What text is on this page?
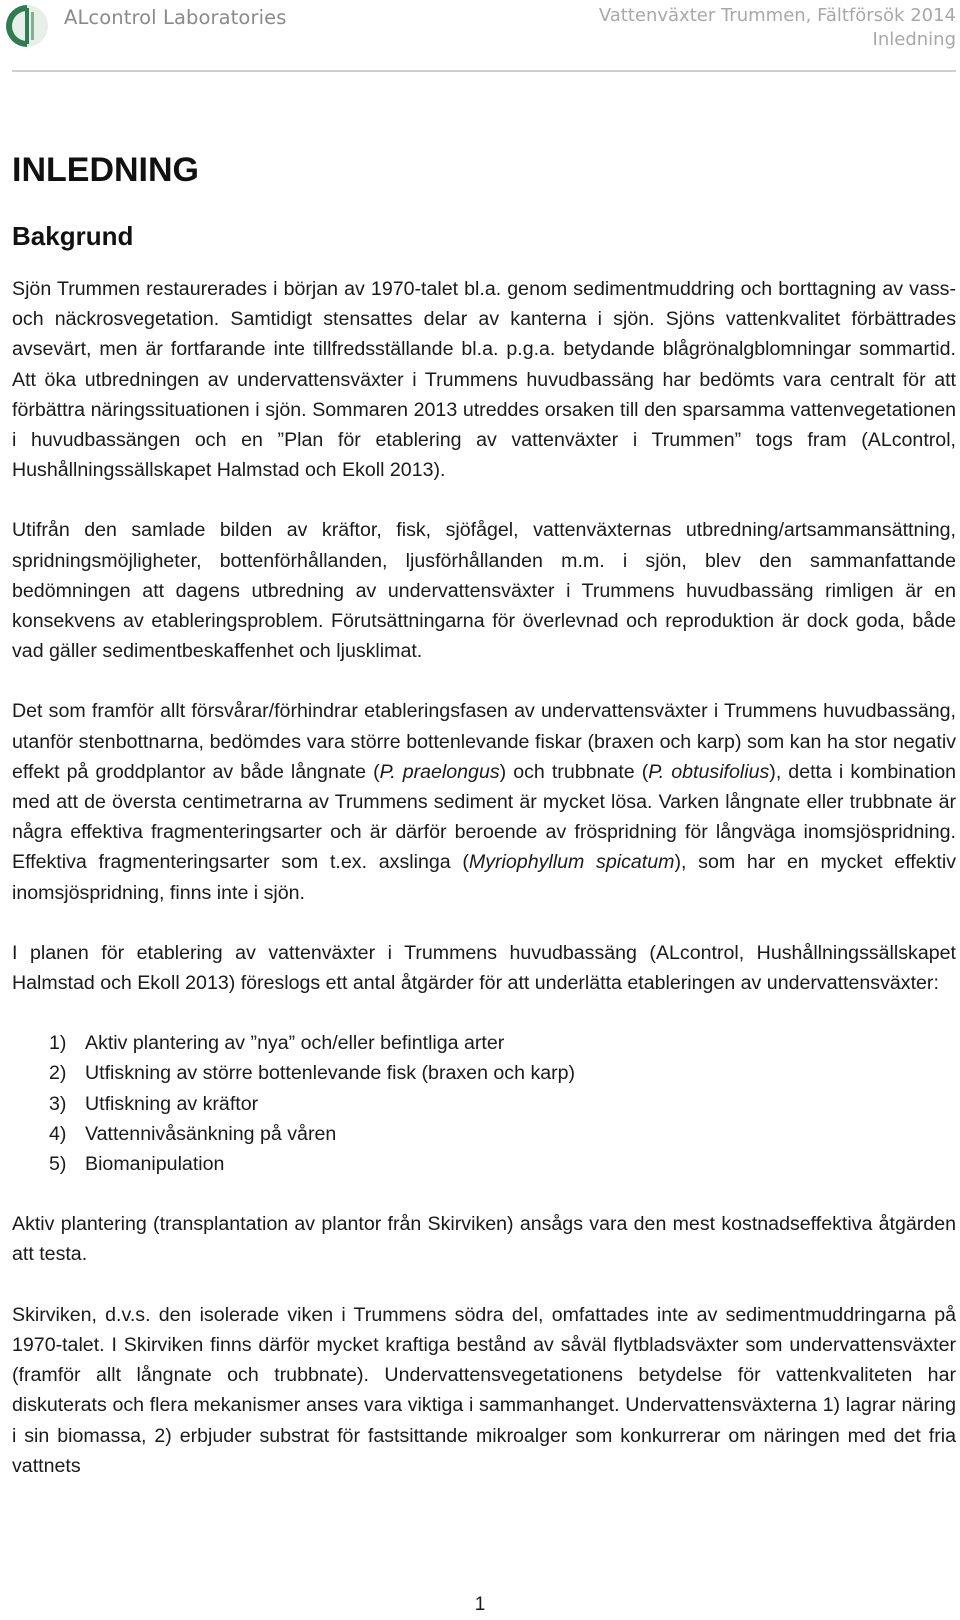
ALcontrol Laboratories	Vattenväxter Trummen, Fältförsök 2014
Inledning
INLEDNING
Bakgrund

Sjön Trummen restaurerades i början av 1970-talet bl.a. genom sedimentmuddring och borttagning av vass- och näckrosvegetation. Samtidigt stensattes delar av kanterna i sjön. Sjöns vattenkvalitet förbättrades avsevärt, men är fortfarande inte tillfredsställande bl.a. p.g.a. betydande blågrönalgblomningar sommartid. Att öka utbredningen av undervattensväxter i Trummens huvudbassäng har bedömts vara centralt för att förbättra näringssituationen i sjön. Sommaren 2013 utreddes orsaken till den sparsamma vattenvegetationen i huvudbassängen och en ”Plan för etablering av vattenväxter i Trummen” togs fram (ALcontrol, Hushållningssällskapet Halmstad och Ekoll 2013).

Utifrån den samlade bilden av kräftor, fisk, sjöfågel, vattenväxternas utbredning/artsammansättning, spridningsmöjligheter, bottenförhållanden, ljusförhållanden m.m. i sjön, blev den sammanfattande bedömningen att dagens utbredning av undervattensväxter i Trummens huvudbassäng rimligen är en konsekvens av etableringsproblem. Förutsättningarna för överlevnad och reproduktion är dock goda, både vad gäller sedimentbeskaffenhet och ljusklimat.

Det som framför allt försvårar/förhindrar etableringsfasen av undervattensväxter i Trummens huvudbassäng, utanför stenbottnarna, bedömdes vara större bottenlevande fiskar (braxen och karp) som kan ha stor negativ effekt på groddplantor av både långnate (P. praelongus) och trubbnate (P. obtusifolius), detta i kombination med att de översta centimetrarna av Trummens sediment är mycket lösa. Varken långnate eller trubbnate är några effektiva fragmenteringsarter och är därför beroende av fröspridning för långväga inomsjöspridning. Effektiva fragmenteringsarter som t.ex. axslinga (Myriophyllum spicatum), som har en mycket effektiv inomsjöspridning, finns inte i sjön.

I planen för etablering av vattenväxter i Trummens huvudbassäng (ALcontrol, Hushållningssällskapet Halmstad och Ekoll 2013) föreslogs ett antal åtgärder för att underlätta etableringen av undervattensväxter:

1) Aktiv plantering av ”nya” och/eller befintliga arter
2) Utfiskning av större bottenlevande fisk (braxen och karp)
3) Utfiskning av kräftor
4) Vattennivåsänkning på våren
5) Biomanipulation

Aktiv plantering (transplantation av plantor från Skirviken) ansågs vara den mest kostnadseffektiva åtgärden att testa.

Skirviken, d.v.s. den isolerade viken i Trummens södra del, omfattades inte av sedimentmuddringarna på 1970-talet. I Skirviken finns därför mycket kraftiga bestånd av såväl flytbladsväxter som undervattensväxter (framför allt långnate och trubbnate). Undervattensvegetationens betydelse för vattenkvaliteten har diskuterats och flera mekanismer anses vara viktiga i sammanhanget. Undervattensväxterna 1) lagrar näring i sin biomassa, 2) erbjuder substrat för fastsittande mikroalger som konkurrerar om näringen med det fria vattnets

1
